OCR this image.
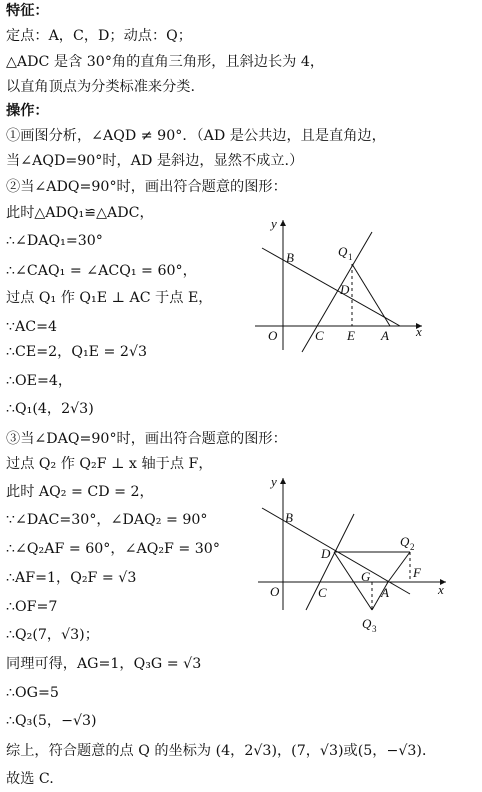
特征：
定点：A，C，D；动点：Q；
△ADC 是含 30°角的直角三角形，且斜边长为 4，
以直角顶点为分类标准来分类.
操作：
①画图分析，∠AQD ≠ 90°．（AD 是公共边，且是直角边，
当∠AQD=90°时，AD 是斜边，显然不成立.）
②当∠ADQ=90°时，画出符合题意的图形：
此时△ADQ₁≌△ADC，
∴∠DAQ₁=30°
∴∠CAQ₁ = ∠ACQ₁ = 60°，
过点 Q₁ 作 Q₁E ⊥ AC 于点 E，
∵AC=4
∴CE=2，Q₁E = 2√3
∴OE=4，
∴Q₁(4，2√3)
③当∠DAQ=90°时，画出符合题意的图形：
过点 Q₂ 作 Q₂F ⊥ x 轴于点 F，
此时 AQ₂ = CD = 2，
∵∠DAC=30°，∠DAQ₂ = 90°
∴∠Q₂AF = 60°，∠AQ₂F = 30°
∴AF=1，Q₂F = √3
∴OF=7
∴Q₂(7，√3)；
同理可得，AG=1，Q₃G = √3
∴OG=5
∴Q₃(5，−√3)
综上，符合题意的点 Q 的坐标为 (4，2√3)，(7，√3)或(5，−√3)．
故选 C.
y
x
O
B	Q 1
D
C E A
y
x
O
B
D
Q 2
G	F
C	A
Q 3
